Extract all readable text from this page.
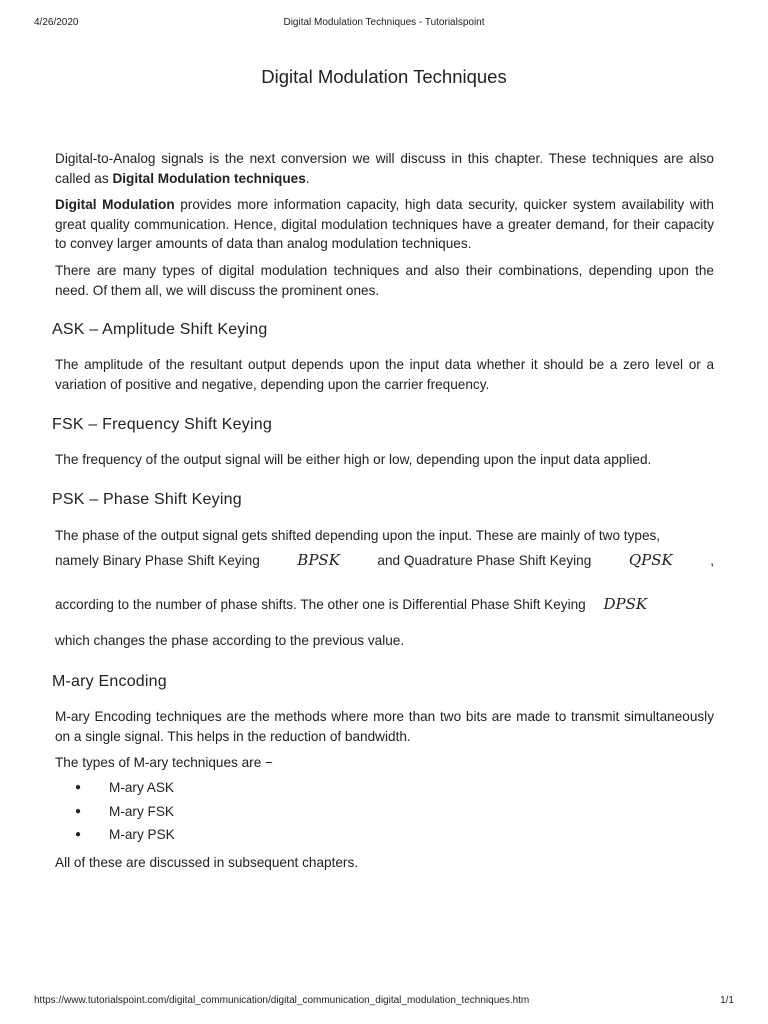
4/26/2020	Digital Modulation Techniques - Tutorialspoint
Digital Modulation Techniques

Digital-to-Analog signals is the next conversion we will discuss in this chapter. These techniques are also called as Digital Modulation techniques.

Digital Modulation provides more information capacity, high data security, quicker system availability with great quality communication. Hence, digital modulation techniques have a greater demand, for their capacity to convey larger amounts of data than analog modulation techniques.

There are many types of digital modulation techniques and also their combinations, depending upon the need. Of them all, we will discuss the prominent ones.

ASK – Amplitude Shift Keying

The amplitude of the resultant output depends upon the input data whether it should be a zero level or a variation of positive and negative, depending upon the carrier frequency.

FSK – Frequency Shift Keying

The frequency of the output signal will be either high or low, depending upon the input data applied.

PSK – Phase Shift Keying

The phase of the output signal gets shifted depending upon the input. These are mainly of two types,

namely Binary Phase Shift Keying	BPSK	and Quadrature Phase Shift Keying	QPSK	,
according to the number of phase shifts. The other one is Differential Phase Shift Keying DPSK

which changes the phase according to the previous value.

M-ary Encoding

M-ary Encoding techniques are the methods where more than two bits are made to transmit simultaneously on a single signal. This helps in the reduction of bandwidth.

The types of M-ary techniques are −

● M-ary ASK
● M-ary FSK
● M-ary PSK

All of these are discussed in subsequent chapters.

https://www.tutorialspoint.com/digital_communication/digital_communication_digital_modulation_techniques.htm	1/1
